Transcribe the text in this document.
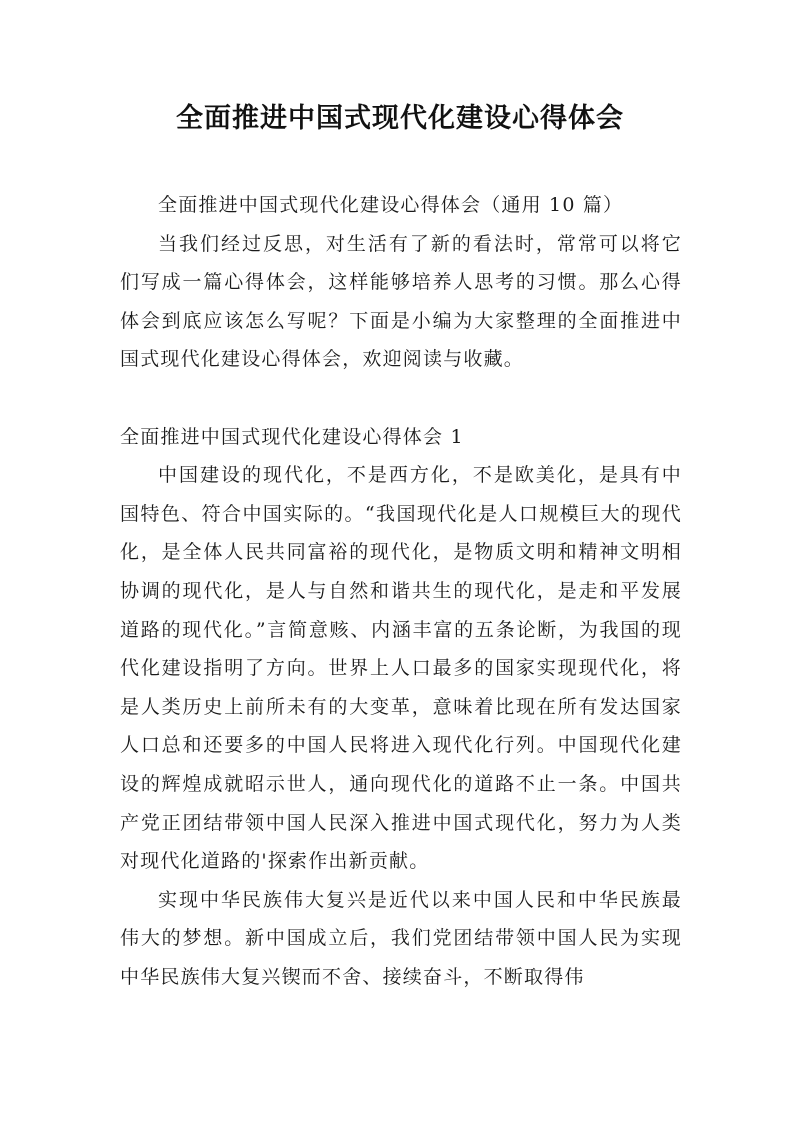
全面推进中国式现代化建设心得体会

全面推进中国式现代化建设心得体会（通用 10 篇）

当我们经过反思，对生活有了新的看法时，常常可以将它们写成一篇心得体会，这样能够培养人思考的习惯。那么心得体会到底应该怎么写呢？下面是小编为大家整理的全面推进中国式现代化建设心得体会，欢迎阅读与收藏。

全面推进中国式现代化建设心得体会 1

中国建设的现代化，不是西方化，不是欧美化，是具有中国特色、符合中国实际的。“我国现代化是人口规模巨大的现代化，是全体人民共同富裕的现代化，是物质文明和精神文明相协调的现代化，是人与自然和谐共生的现代化，是走和平发展道路的现代化。”言简意赅、内涵丰富的五条论断，为我国的现代化建设指明了方向。世界上人口最多的国家实现现代化，将是人类历史上前所未有的大变革，意味着比现在所有发达国家人口总和还要多的中国人民将进入现代化行列。中国现代化建设的辉煌成就昭示世人，通向现代化的道路不止一条。中国共产党正团结带领中国人民深入推进中国式现代化，努力为人类对现代化道路的'探索作出新贡献。

实现中华民族伟大复兴是近代以来中国人民和中华民族最伟大的梦想。新中国成立后，我们党团结带领中国人民为实现中华民族伟大复兴锲而不舍、接续奋斗，不断取得伟
